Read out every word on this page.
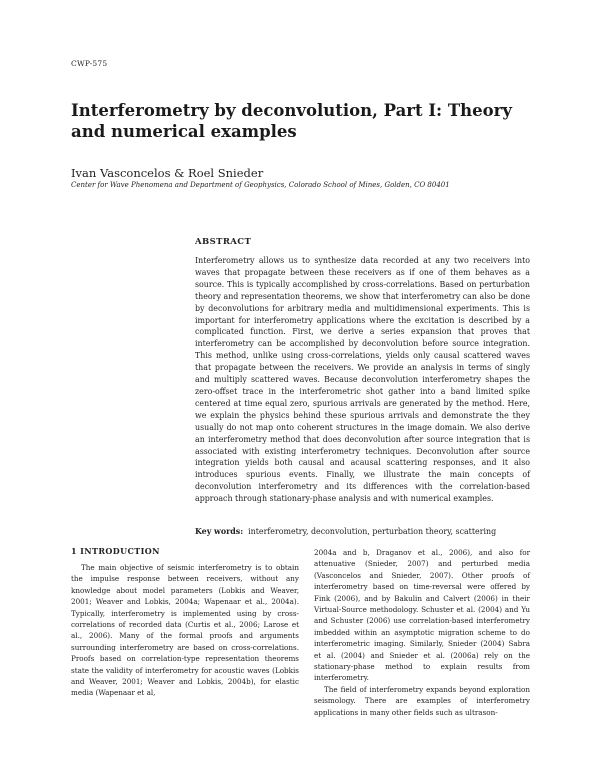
CWP-575
Interferometry by deconvolution, Part I: Theory and numerical examples
Ivan Vasconcelos & Roel Snieder
Center for Wave Phenomena and Department of Geophysics, Colorado School of Mines, Golden, CO 80401
ABSTRACT
Interferometry allows us to synthesize data recorded at any two receivers into waves that propagate between these receivers as if one of them behaves as a source. This is typically accomplished by cross-correlations. Based on perturbation theory and representation theorems, we show that interferometry can also be done by deconvolutions for arbitrary media and multidimensional experiments. This is important for interferometry applications where the excitation is described by a complicated function. First, we derive a series expansion that proves that interferometry can be accomplished by deconvolution before source integration. This method, unlike using cross-correlations, yields only causal scattered waves that propagate between the receivers. We provide an analysis in terms of singly and multiply scattered waves. Because deconvolution interferometry shapes the zero-offset trace in the interferometric shot gather into a band limited spike centered at time equal zero, spurious arrivals are generated by the method. Here, we explain the physics behind these spurious arrivals and demonstrate the they usually do not map onto coherent structures in the image domain. We also derive an interferometry method that does deconvolution after source integration that is associated with existing interferometry techniques. Deconvolution after source integration yields both causal and acausal scattering responses, and it also introduces spurious events. Finally, we illustrate the main concepts of deconvolution interferometry and its differences with the correlation-based approach through stationary-phase analysis and with numerical examples.
Key words: interferometry, deconvolution, perturbation theory, scattering
1 INTRODUCTION

The main objective of seismic interferometry is to obtain the impulse response between receivers, without any knowledge about model parameters (Lobkis and Weaver, 2001; Weaver and Lobkis, 2004a; Wapenaar et al., 2004a). Typically, interferometry is implemented using by cross-correlations of recorded data (Curtis et al., 2006; Larose et al., 2006). Many of the formal proofs and arguments surrounding interferometry are based on cross-correlations. Proofs based on correlation-type representation theorems state the validity of interferometry for acoustic waves (Lobkis and Weaver, 2001; Weaver and Lobkis, 2004b), for elastic media (Wapenaar et al,

2004a and b, Draganov et al., 2006), and also for attenuative (Snieder, 2007) and perturbed media (Vasconcelos and Snieder, 2007). Other proofs of interferometry based on time-reversal were offered by Fink (2006), and by Bakulin and Calvert (2006) in their Virtual-Source methodology. Schuster et al. (2004) and Yu and Schuster (2006) use correlation-based interferometry imbedded within an asymptotic migration scheme to do interferometric imaging. Similarly, Snieder (2004) Sabra et al. (2004) and Snieder et al. (2006a) rely on the stationary-phase method to explain results from interferometry.

The field of interferometry expands beyond exploration seismology. There are examples of interferometry applications in many other fields such as ultrason-
